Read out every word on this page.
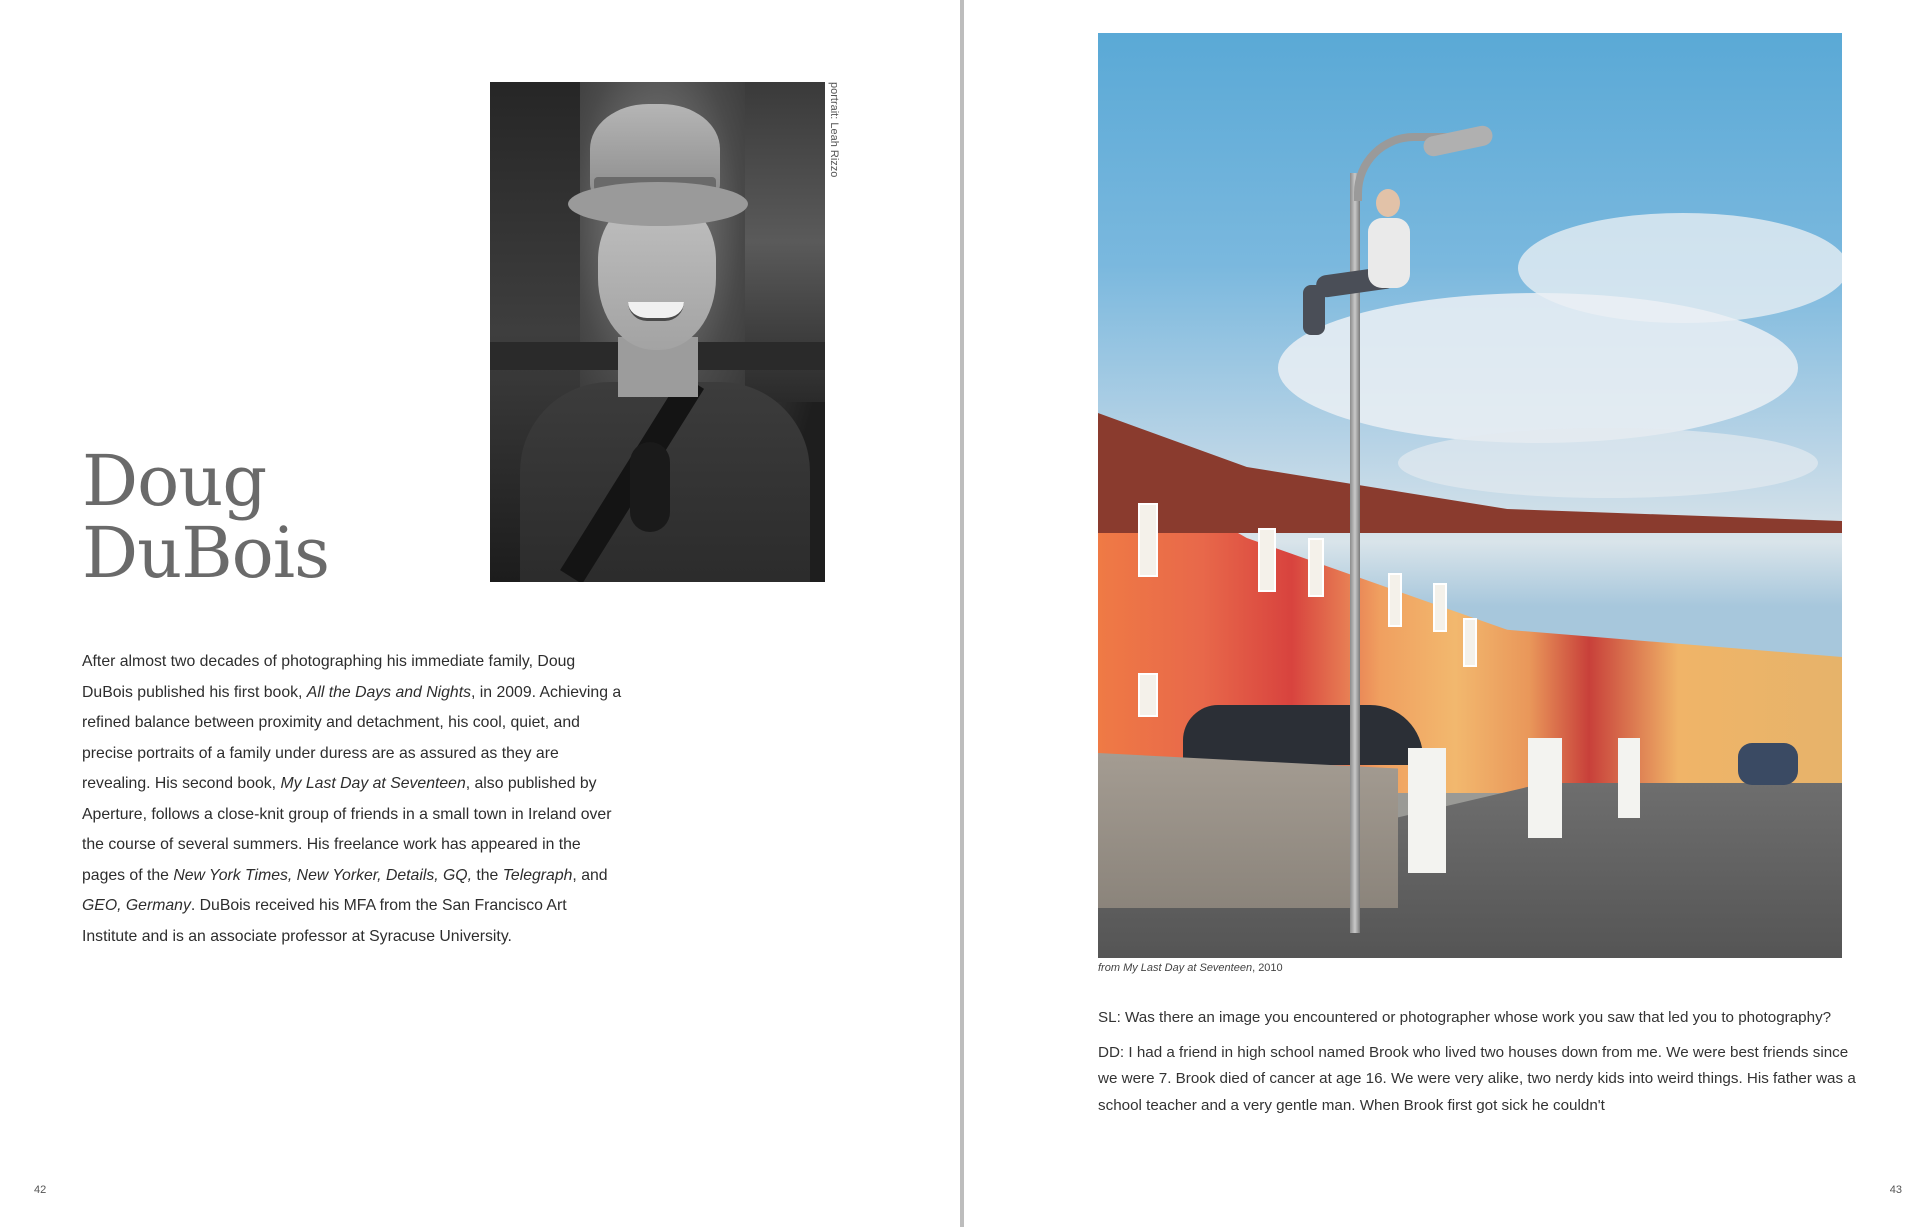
portrait: Leah Rizzo
Doug
DuBois

After almost two decades of photographing his immediate family, Doug DuBois published his first book, All the Days and Nights, in 2009. Achieving a refined balance between proximity and detachment, his cool, quiet, and precise portraits of a family under duress are as assured as they are revealing. His second book, My Last Day at Seventeen, also published by Aperture, follows a close-knit group of friends in a small town in Ireland over the course of several summers. His freelance work has appeared in the pages of the New York Times, New Yorker, Details, GQ, the Telegraph, and GEO, Germany. DuBois received his MFA from the San Francisco Art Institute and is an associate professor at Syracuse University.

42	43
from My Last Day at Seventeen, 2010

SL: Was there an image you encountered or photographer whose work you saw that led you to photography?

DD: I had a friend in high school named Brook who lived two houses down from me. We were best friends since we were 7. Brook died of cancer at age 16. We were very alike, two nerdy kids into weird things. His father was a school teacher and a very gentle man. When Brook first got sick he couldn't
